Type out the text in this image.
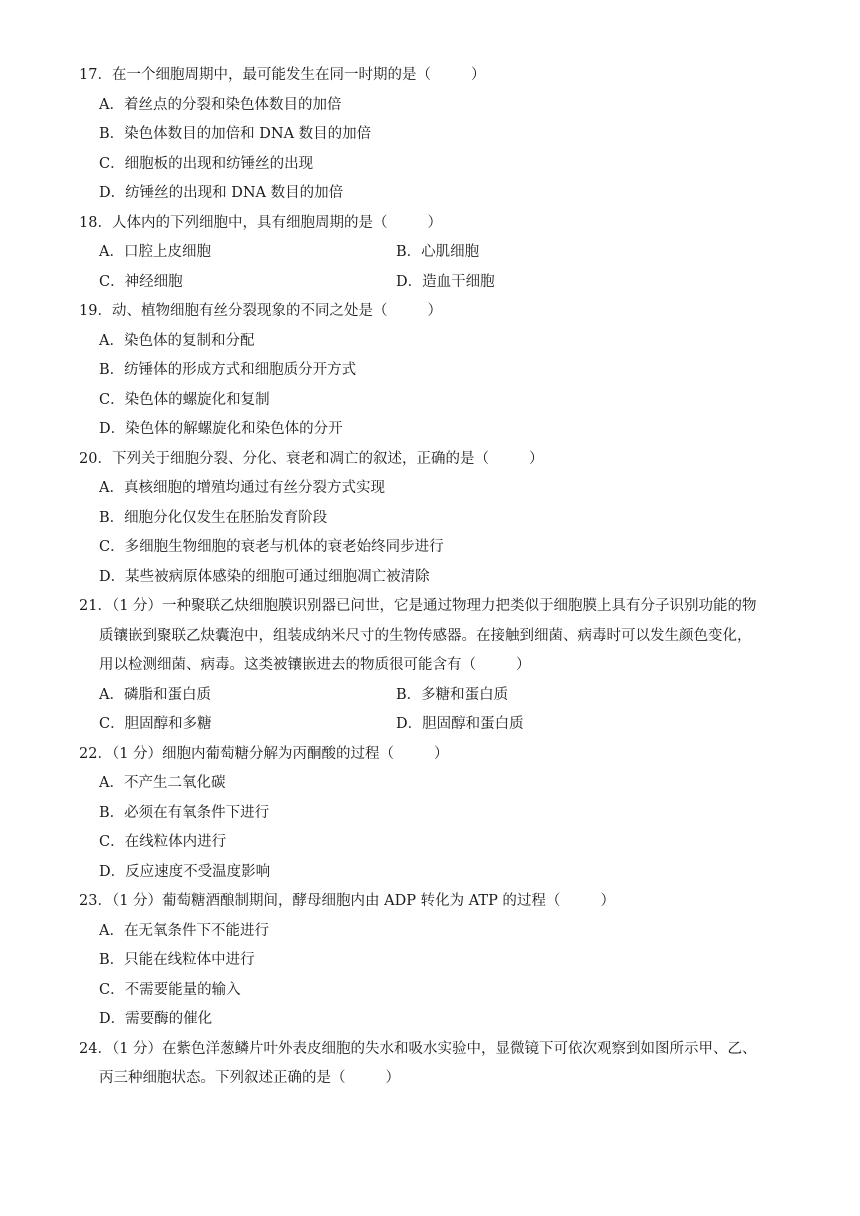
17．在一个细胞周期中，最可能发生在同一时期的是（	）
A．着丝点的分裂和染色体数目的加倍
B．染色体数目的加倍和 DNA 数目的加倍
C．细胞板的出现和纺锤丝的出现
D．纺锤丝的出现和 DNA 数目的加倍
18．人体内的下列细胞中，具有细胞周期的是（	）
A．口腔上皮细胞	B．心肌细胞
C．神经细胞	D．造血干细胞
19．动、植物细胞有丝分裂现象的不同之处是（	）
A．染色体的复制和分配
B．纺锤体的形成方式和细胞质分开方式
C．染色体的螺旋化和复制
D．染色体的解螺旋化和染色体的分开
20．下列关于细胞分裂、分化、衰老和凋亡的叙述，正确的是（	）
A．真核细胞的增殖均通过有丝分裂方式实现
B．细胞分化仅发生在胚胎发育阶段
C．多细胞生物细胞的衰老与机体的衰老始终同步进行
D．某些被病原体感染的细胞可通过细胞凋亡被清除
21．（1 分）一种聚联乙炔细胞膜识别器已问世，它是通过物理力把类似于细胞膜上具有分子识别功能的物
质镶嵌到聚联乙炔囊泡中，组装成纳米尺寸的生物传感器。在接触到细菌、病毒时可以发生颜色变化，
用以检测细菌、病毒。这类被镶嵌进去的物质很可能含有（	）
A．磷脂和蛋白质	B．多糖和蛋白质
C．胆固醇和多糖	D．胆固醇和蛋白质
22．（1 分）细胞内葡萄糖分解为丙酮酸的过程（	）
A．不产生二氧化碳
B．必须在有氧条件下进行
C．在线粒体内进行
D．反应速度不受温度影响
23．（1 分）葡萄糖酒酿制期间，酵母细胞内由 ADP 转化为 ATP 的过程（	）
A．在无氧条件下不能进行
B．只能在线粒体中进行
C．不需要能量的输入
D．需要酶的催化
24．（1 分）在紫色洋葱鳞片叶外表皮细胞的失水和吸水实验中，显微镜下可依次观察到如图所示甲、乙、
丙三种细胞状态。下列叙述正确的是（	）
